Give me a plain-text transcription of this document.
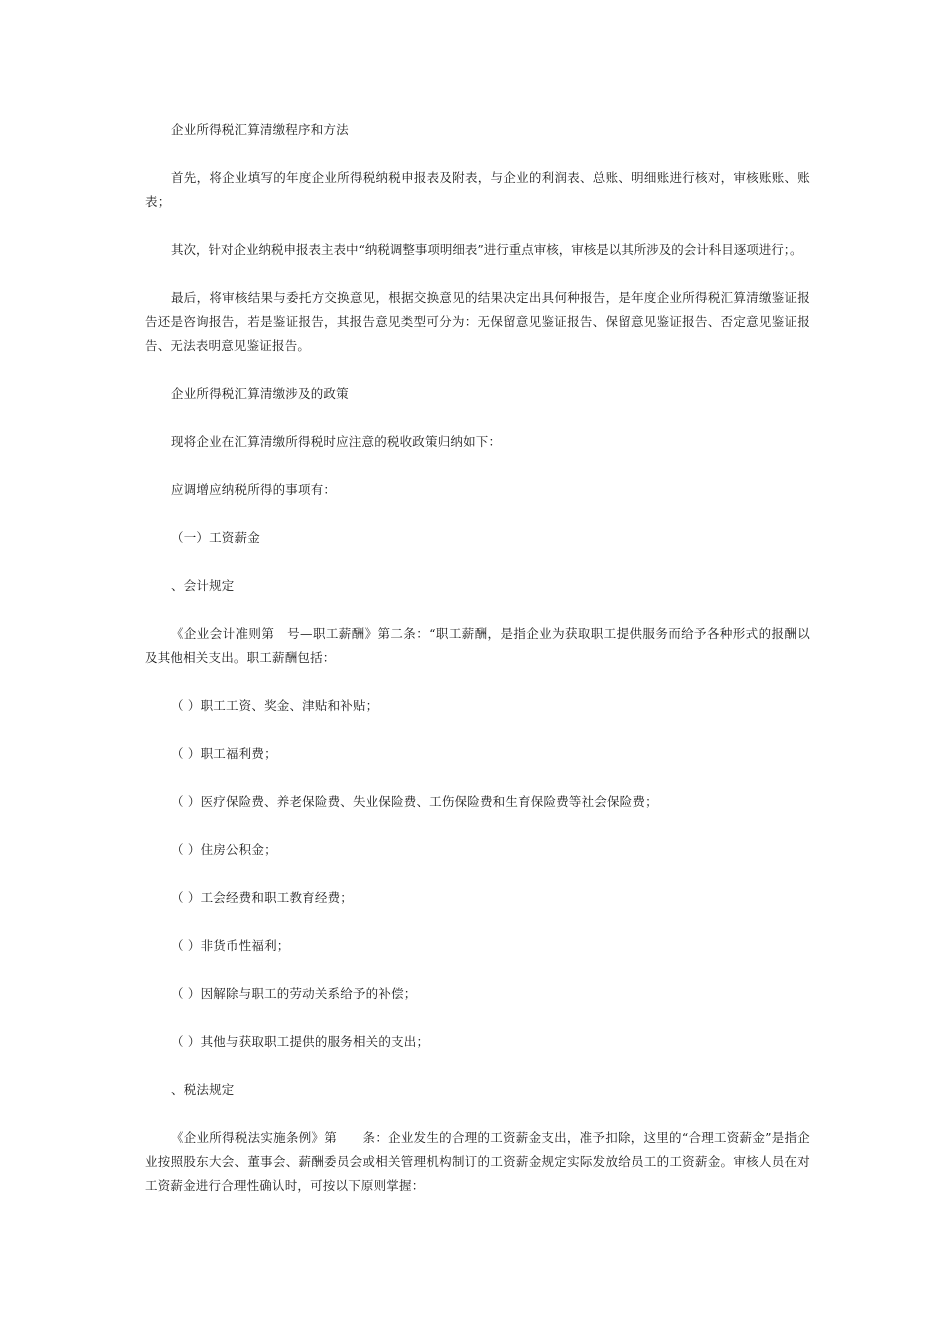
企业所得税汇算清缴程序和方法

首先，将企业填写的年度企业所得税纳税申报表及附表，与企业的利润表、总账、明细账进行核对，审核账账、账表；

其次，针对企业纳税申报表主表中“纳税调整事项明细表”进行重点审核，审核是以其所涉及的会计科目逐项进行；。

最后，将审核结果与委托方交换意见，根据交换意见的结果决定出具何种报告，是年度企业所得税汇算清缴鉴证报告还是咨询报告，若是鉴证报告，其报告意见类型可分为：无保留意见鉴证报告、保留意见鉴证报告、否定意见鉴证报告、无法表明意见鉴证报告。

企业所得税汇算清缴涉及的政策

现将企业在汇算清缴所得税时应注意的税收政策归纳如下：

应调增应纳税所得的事项有：

（一）工资薪金

、会计规定

《企业会计准则第　号—职工薪酬》第二条：“职工薪酬，是指企业为获取职工提供服务而给予各种形式的报酬以及其他相关支出。职工薪酬包括：

（ ）职工工资、奖金、津贴和补贴；

（ ）职工福利费；

（ ）医疗保险费、养老保险费、失业保险费、工伤保险费和生育保险费等社会保险费；

（ ）住房公积金；

（ ）工会经费和职工教育经费；

（ ）非货币性福利；

（ ）因解除与职工的劳动关系给予的补偿；

（ ）其他与获取职工提供的服务相关的支出；

、税法规定

《企业所得税法实施条例》第　　条：企业发生的合理的工资薪金支出，准予扣除，这里的“合理工资薪金”是指企业按照股东大会、董事会、薪酬委员会或相关管理机构制订的工资薪金规定实际发放给员工的工资薪金。审核人员在对工资薪金进行合理性确认时，可按以下原则掌握：
